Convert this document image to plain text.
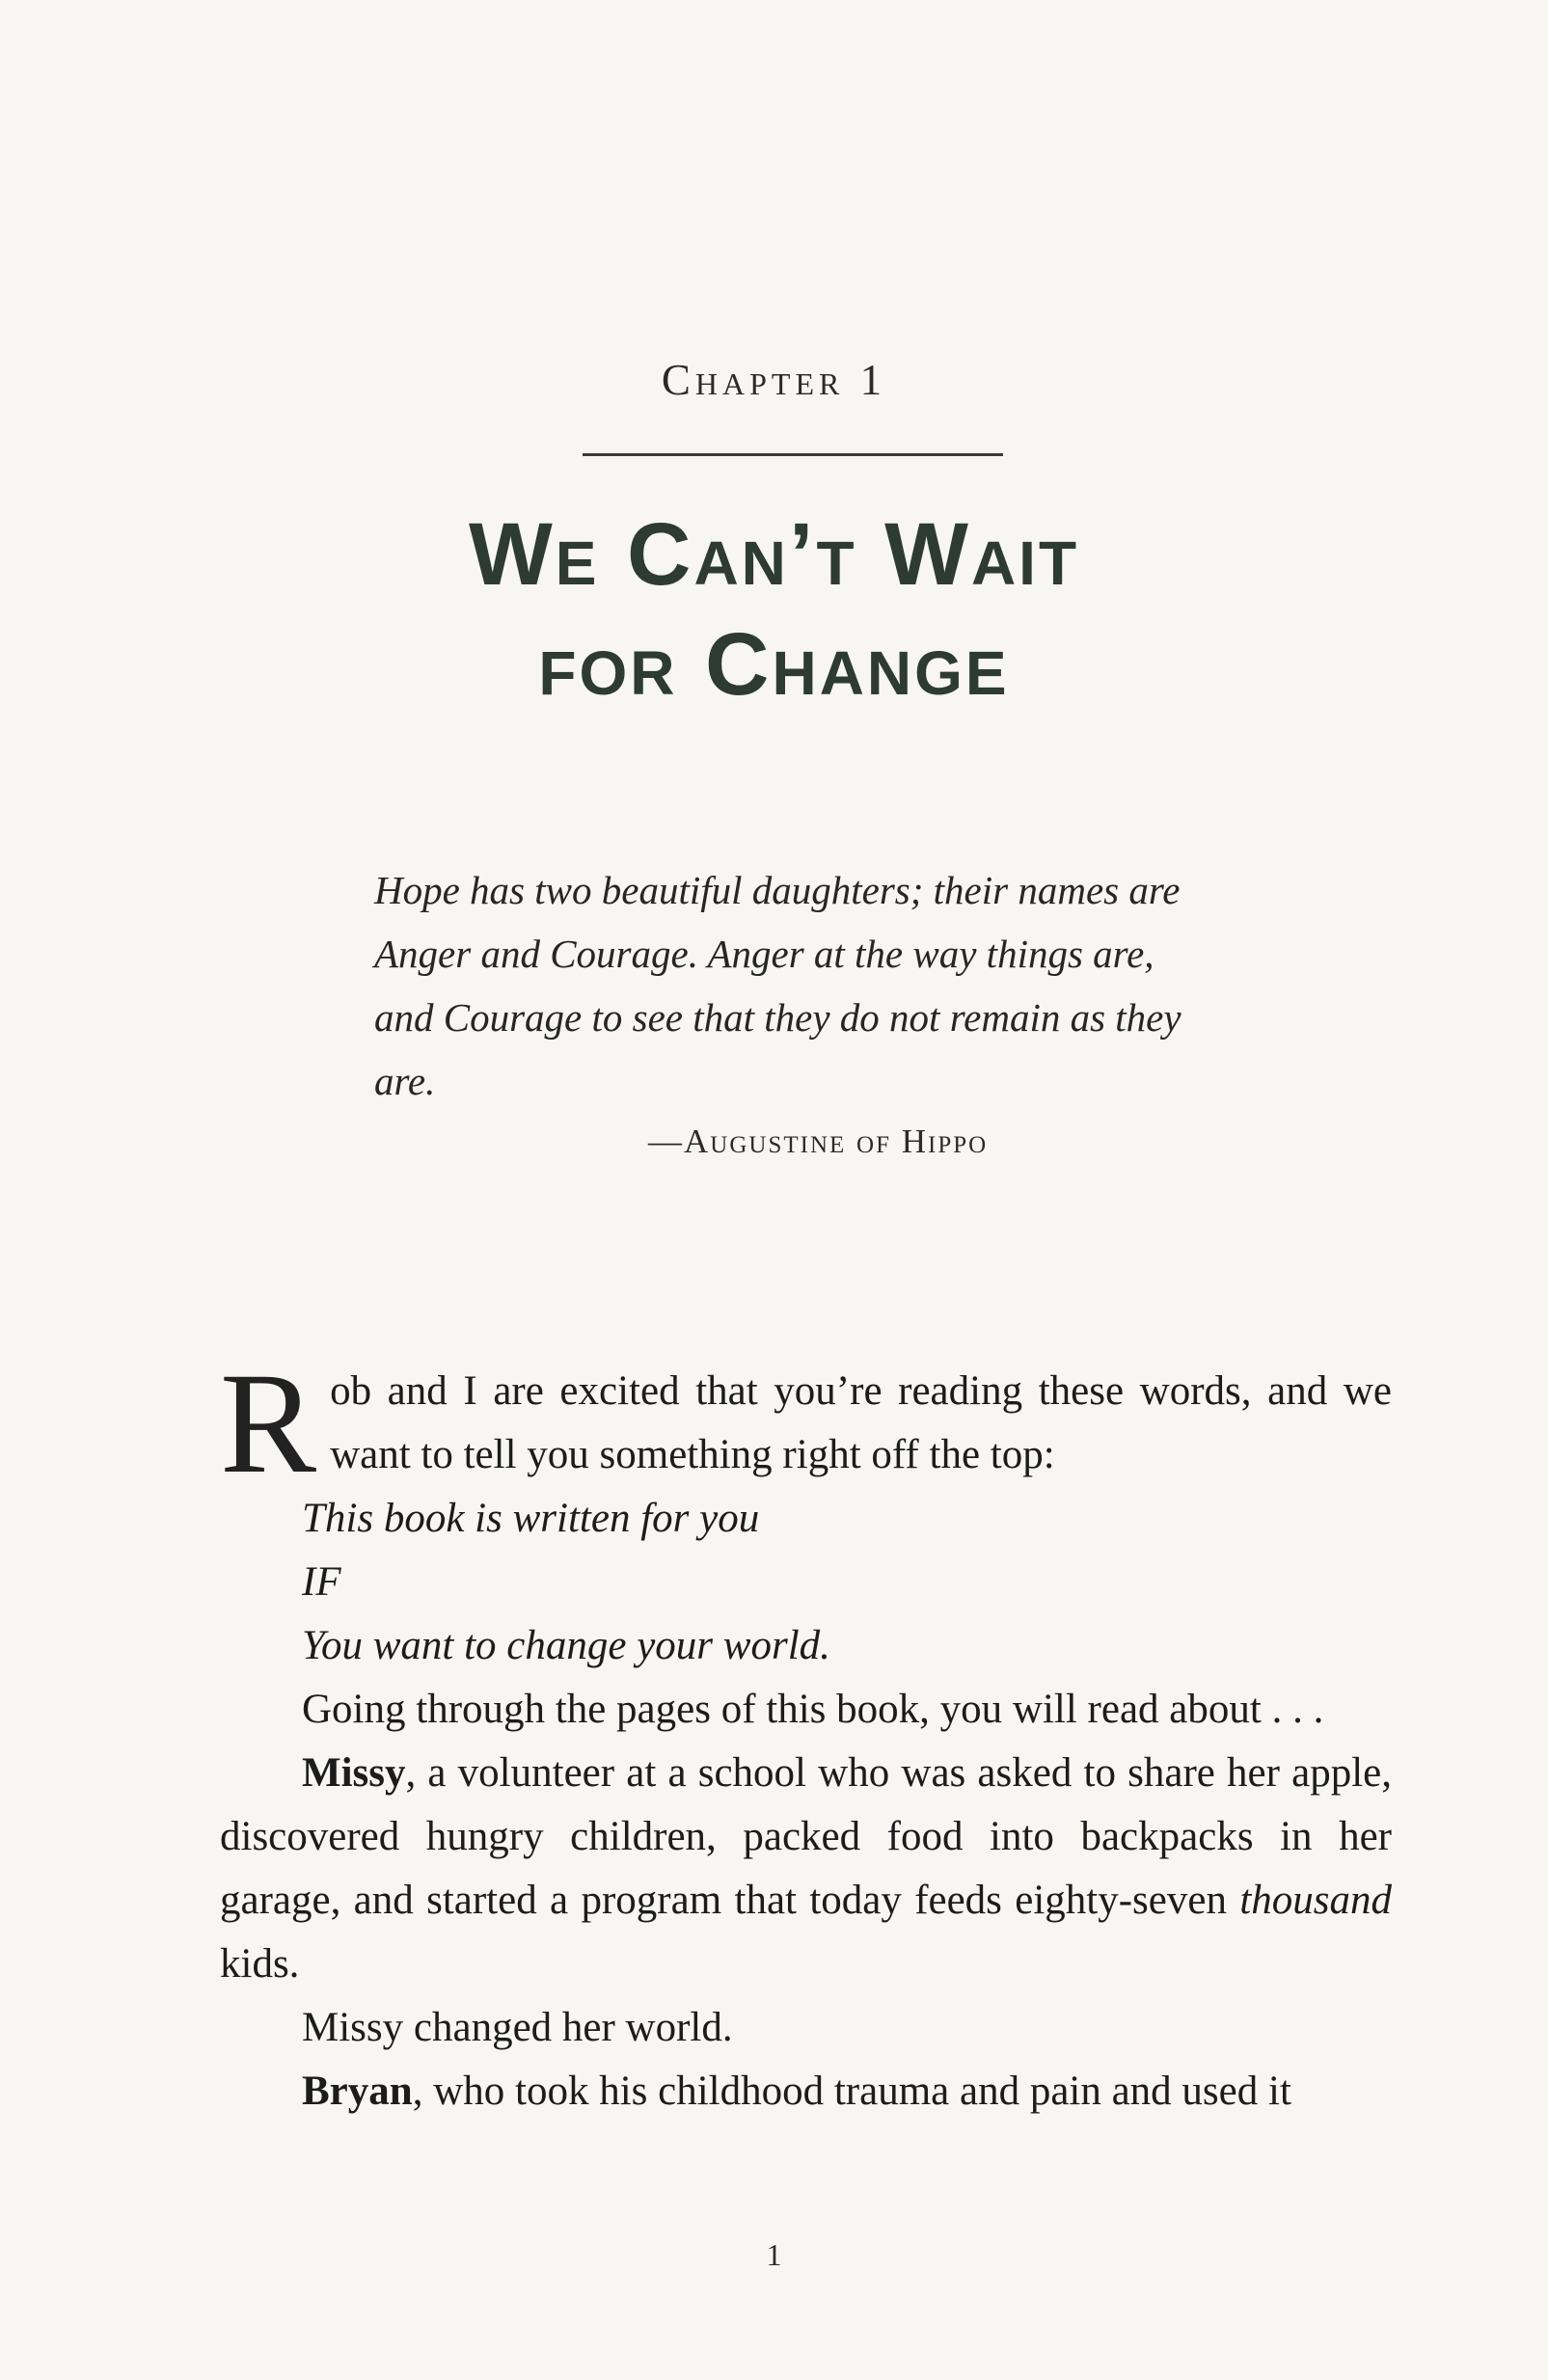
Chapter 1
We Can’t Wait
for Change

Hope has two beautiful daughters; their names are Anger and Courage. Anger at the way things are, and Courage to see that they do not remain as they are.

—Augustine of Hippo

Rob and I are excited that you’re reading these words, and we want to tell you something right off the top:

This book is written for you

IF

You want to change your world.

Going through the pages of this book, you will read about . . .

Missy, a volunteer at a school who was asked to share her apple, discovered hungry children, packed food into backpacks in her garage, and started a program that today feeds eighty-seven thousand kids.

Missy changed her world.

Bryan, who took his childhood trauma and pain and used it

1
